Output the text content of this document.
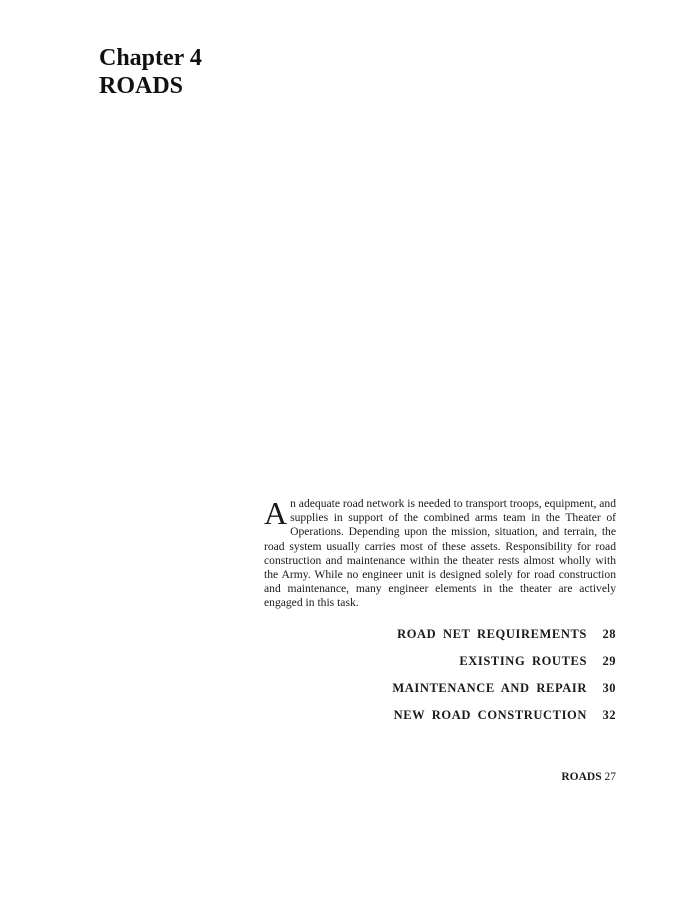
Chapter 4
ROADS

An adequate road network is needed to transport troops, equipment, and supplies in support of the combined arms team in the Theater of Operations. Depending upon the mission, situation, and terrain, the road system usually carries most of these assets. Responsibility for road construction and maintenance within the theater rests almost wholly with the Army. While no engineer unit is designed solely for road construction and maintenance, many engineer elements in the theater are actively engaged in this task.

ROAD NET REQUIREMENTS	28
EXISTING ROUTES	29
MAINTENANCE AND REPAIR	30
NEW ROAD CONSTRUCTION	32
ROADS 27
